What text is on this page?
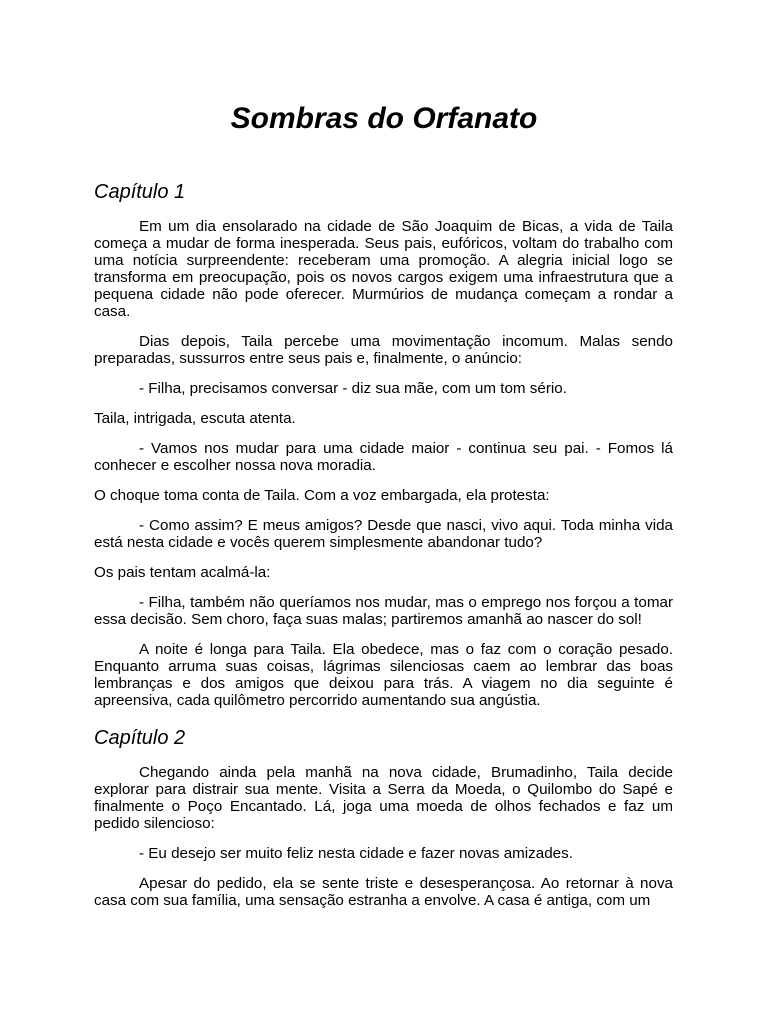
Sombras do Orfanato
Capítulo 1

Em um dia ensolarado na cidade de São Joaquim de Bicas, a vida de Taila começa a mudar de forma inesperada. Seus pais, eufóricos, voltam do trabalho com uma notícia surpreendente: receberam uma promoção. A alegria inicial logo se transforma em preocupação, pois os novos cargos exigem uma infraestrutura que a pequena cidade não pode oferecer. Murmúrios de mudança começam a rondar a casa.

Dias depois, Taila percebe uma movimentação incomum. Malas sendo preparadas, sussurros entre seus pais e, finalmente, o anúncio:

- Filha, precisamos conversar - diz sua mãe, com um tom sério.

Taila, intrigada, escuta atenta.

- Vamos nos mudar para uma cidade maior - continua seu pai. - Fomos lá conhecer e escolher nossa nova moradia.

O choque toma conta de Taila. Com a voz embargada, ela protesta:

- Como assim? E meus amigos? Desde que nasci, vivo aqui. Toda minha vida está nesta cidade e vocês querem simplesmente abandonar tudo?

Os pais tentam acalmá-la:

- Filha, também não queríamos nos mudar, mas o emprego nos forçou a tomar essa decisão. Sem choro, faça suas malas; partiremos amanhã ao nascer do sol!

A noite é longa para Taila. Ela obedece, mas o faz com o coração pesado. Enquanto arruma suas coisas, lágrimas silenciosas caem ao lembrar das boas lembranças e dos amigos que deixou para trás. A viagem no dia seguinte é apreensiva, cada quilômetro percorrido aumentando sua angústia.

Capítulo 2

Chegando ainda pela manhã na nova cidade, Brumadinho, Taila decide explorar para distrair sua mente. Visita a Serra da Moeda, o Quilombo do Sapé e finalmente o Poço Encantado. Lá, joga uma moeda de olhos fechados e faz um pedido silencioso:

- Eu desejo ser muito feliz nesta cidade e fazer novas amizades.

Apesar do pedido, ela se sente triste e desesperançosa. Ao retornar à nova casa com sua família, uma sensação estranha a envolve. A casa é antiga, com um
